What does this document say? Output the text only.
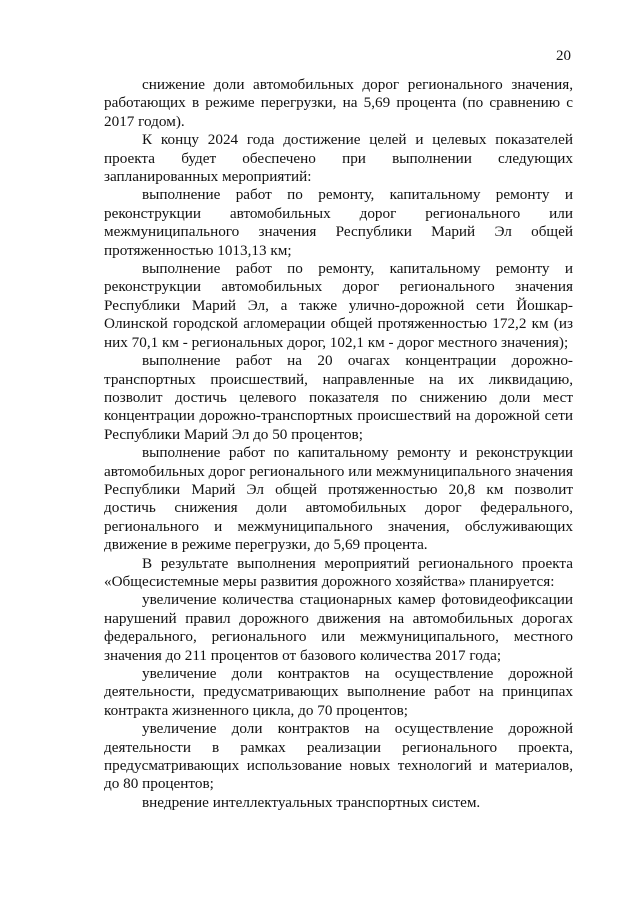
20

снижение доли автомобильных дорог регионального значения, работающих в режиме перегрузки, на 5,69 процента (по сравнению с 2017 годом).

К концу 2024 года достижение целей и целевых показателей проекта будет обеспечено при выполнении следующих запланированных мероприятий:

выполнение работ по ремонту, капитальному ремонту и реконструкции автомобильных дорог регионального или межмуниципального значения Республики Марий Эл общей протяженностью 1013,13 км;

выполнение работ по ремонту, капитальному ремонту и реконструкции автомобильных дорог регионального значения Республики Марий Эл, а также улично-дорожной сети Йошкар-Олинской городской агломерации общей протяженностью 172,2 км (из них 70,1 км - региональных дорог, 102,1 км - дорог местного значения);

выполнение работ на 20 очагах концентрации дорожно-транспортных происшествий, направленные на их ликвидацию, позволит достичь целевого показателя по снижению доли мест концентрации дорожно-транспортных происшествий на дорожной сети Республики Марий Эл до 50 процентов;

выполнение работ по капитальному ремонту и реконструкции автомобильных дорог регионального или межмуниципального значения Республики Марий Эл общей протяженностью 20,8 км позволит достичь снижения доли автомобильных дорог федерального, регионального и межмуниципального значения, обслуживающих движение в режиме перегрузки, до 5,69 процента.

В результате выполнения мероприятий регионального проекта «Общесистемные меры развития дорожного хозяйства» планируется:

увеличение количества стационарных камер фотовидеофиксации нарушений правил дорожного движения на автомобильных дорогах федерального, регионального или межмуниципального, местного значения до 211 процентов от базового количества 2017 года;

увеличение доли контрактов на осуществление дорожной деятельности, предусматривающих выполнение работ на принципах контракта жизненного цикла, до 70 процентов;

увеличение доли контрактов на осуществление дорожной деятельности в рамках реализации регионального проекта, предусматривающих использование новых технологий и материалов, до 80 процентов;

внедрение интеллектуальных транспортных систем.
